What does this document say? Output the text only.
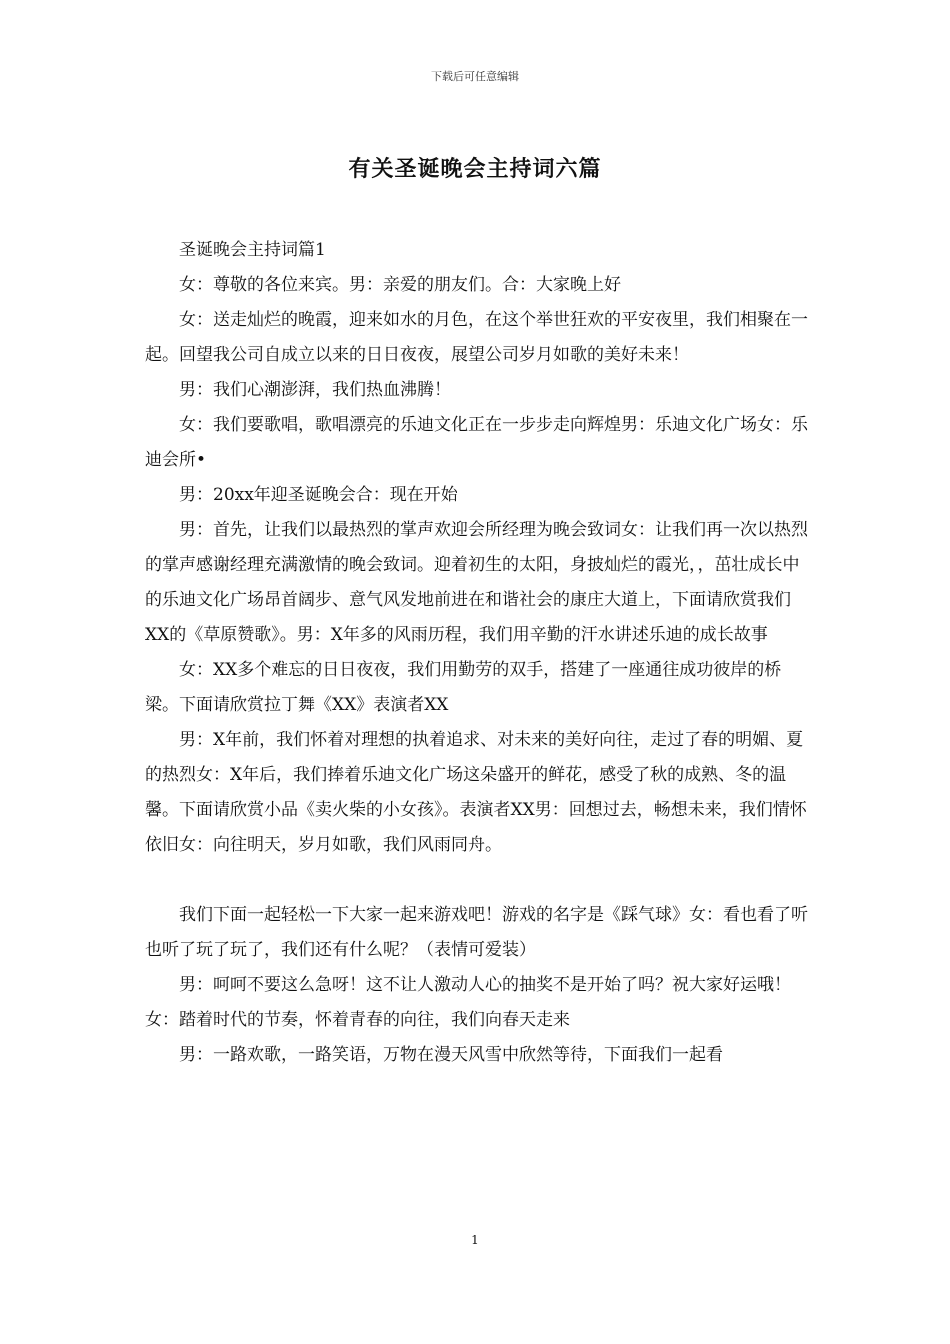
下载后可任意编辑
有关圣诞晚会主持词六篇

圣诞晚会主持词篇1

女：尊敬的各位来宾。男：亲爱的朋友们。合：大家晚上好

女：送走灿烂的晚霞，迎来如水的月色，在这个举世狂欢的平安夜里，我们相聚在一起。回望我公司自成立以来的日日夜夜，展望公司岁月如歌的美好未来！

男：我们心潮澎湃，我们热血沸腾！

女：我们要歌唱，歌唱漂亮的乐迪文化正在一步步走向辉煌男：乐迪文化广场女：乐迪会所•

男：20xx年迎圣诞晚会合：现在开始

男：首先，让我们以最热烈的掌声欢迎会所经理为晚会致词女：让我们再一次以热烈的掌声感谢经理充满激情的晚会致词。迎着初生的太阳，身披灿烂的霞光，，茁壮成长中的乐迪文化广场昂首阔步、意气风发地前进在和谐社会的康庄大道上，下面请欣赏我们XX的《草原赞歌》。男：X年多的风雨历程，我们用辛勤的汗水讲述乐迪的成长故事

女：XX多个难忘的日日夜夜，我们用勤劳的双手，搭建了一座通往成功彼岸的桥梁。下面请欣赏拉丁舞《XX》表演者XX

男：X年前，我们怀着对理想的执着追求、对未来的美好向往，走过了春的明媚、夏的热烈女：X年后，我们捧着乐迪文化广场这朵盛开的鲜花，感受了秋的成熟、冬的温馨。下面请欣赏小品《卖火柴的小女孩》。表演者XX男：回想过去，畅想未来，我们情怀依旧女：向往明天，岁月如歌，我们风雨同舟。

我们下面一起轻松一下大家一起来游戏吧！游戏的名字是《踩气球》女：看也看了听也听了玩了玩了，我们还有什么呢？（表情可爱装）

男：呵呵不要这么急呀！这不让人激动人心的抽奖不是开始了吗？祝大家好运哦！女：踏着时代的节奏，怀着青春的向往，我们向春天走来

男：一路欢歌，一路笑语，万物在漫天风雪中欣然等待，下面我们一起看

1
